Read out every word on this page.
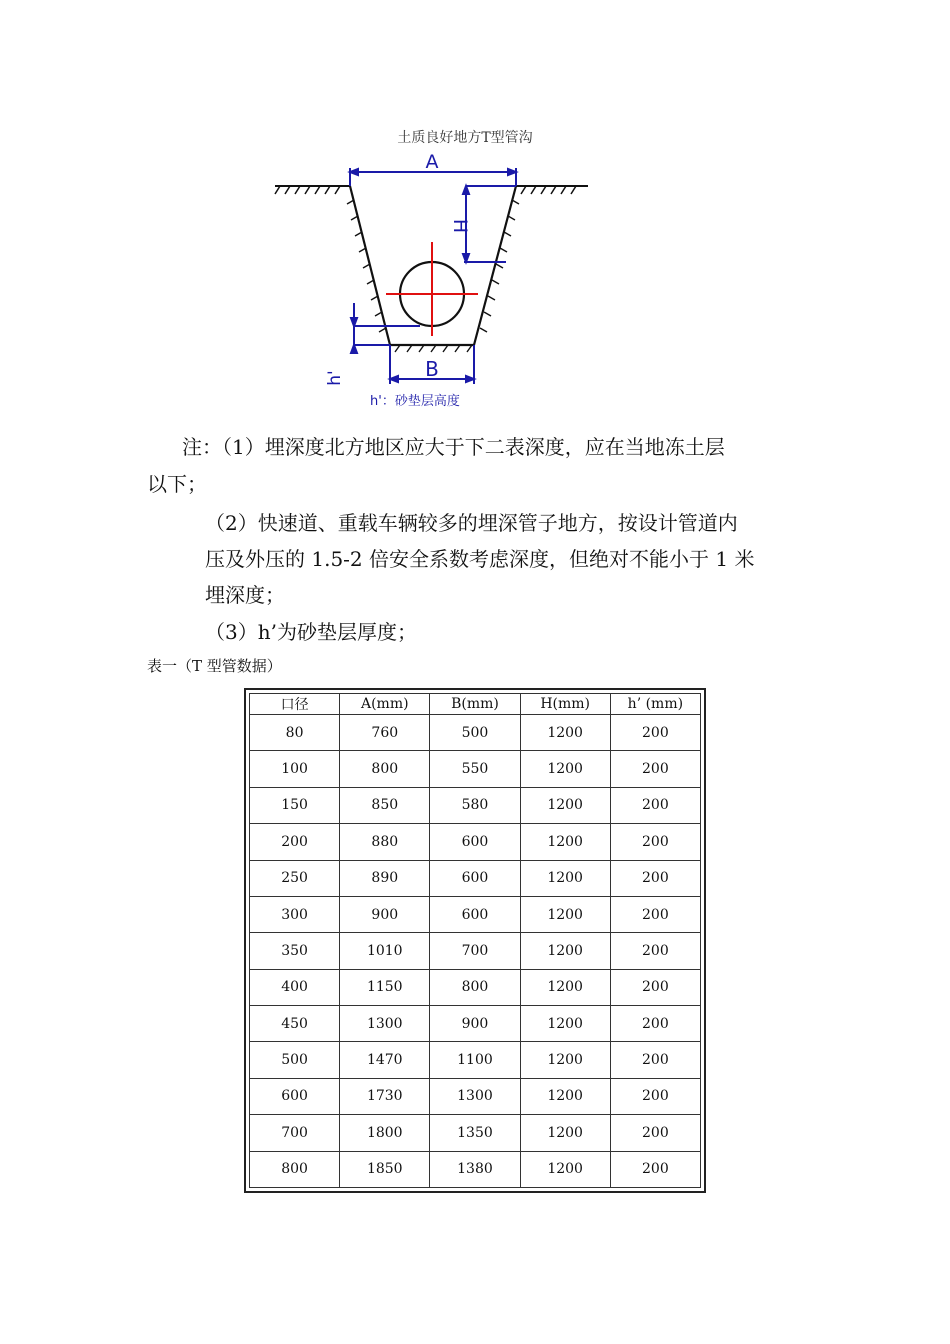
土质良好地方T型管沟
A
H
h'	B
h'：砂垫层高度
注：（1）埋深度北方地区应大于下二表深度，应在当地冻土层
以下；
（2）快速道、重载车辆较多的埋深管子地方，按设计管道内
压及外压的 1.5-2 倍安全系数考虑深度，但绝对不能小于 1 米
埋深度；
（3）h’为砂垫层厚度；
表一（T 型管数据）
口径	A(mm)	B(mm)	H(mm)	h’ (mm)
80	760	500	1200	200
100	800	550	1200	200
150	850	580	1200	200
200	880	600	1200	200
250	890	600	1200	200
300	900	600	1200	200
350	1010	700	1200	200
400	1150	800	1200	200
450	1300	900	1200	200
500	1470	1100	1200	200
600	1730	1300	1200	200
700	1800	1350	1200	200
800	1850	1380	1200	200
